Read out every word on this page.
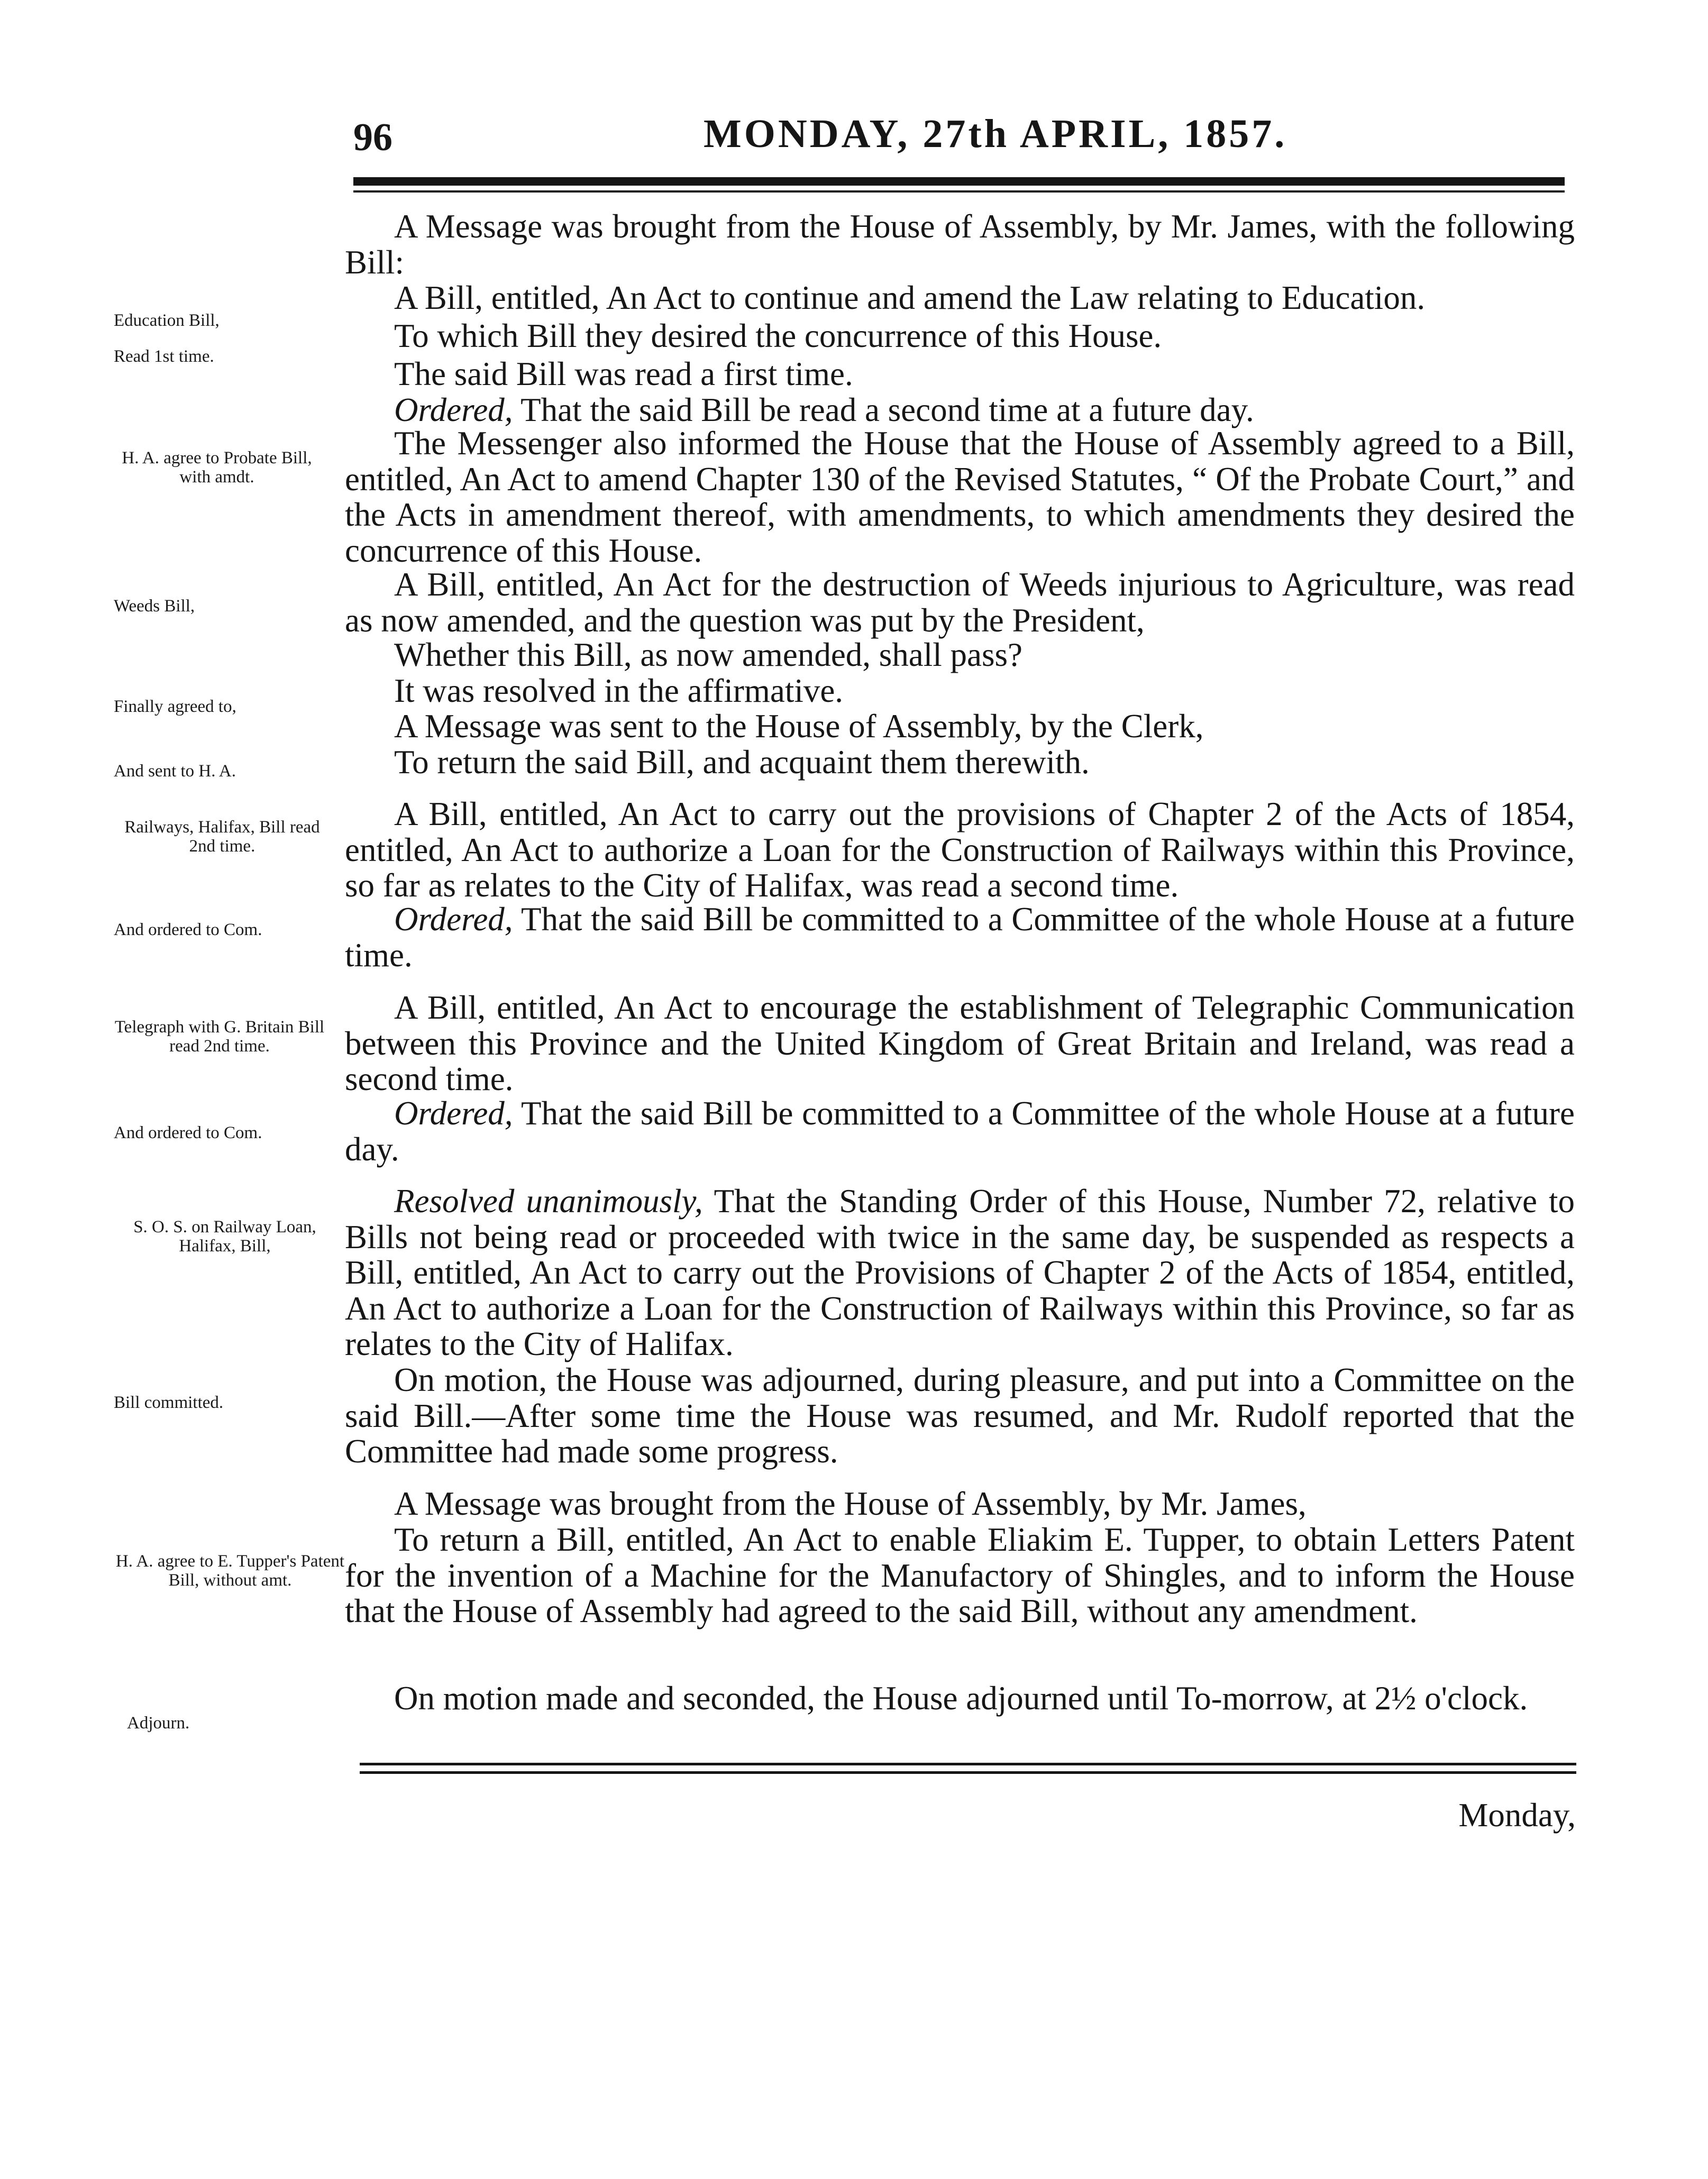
96	MONDAY, 27th APRIL, 1857.
Education Bill,
Read 1st time.
H. A. agree to Probate Bill, with amdt.
Weeds Bill,
Finally agreed to,
And sent to H. A.
Railways, Halifax, Bill read 2nd time.
And ordered to Com.
Telegraph with G. Britain Bill read 2nd time.
And ordered to Com.
S. O. S. on Railway Loan, Halifax, Bill,
Bill committed.
H. A. agree to E. Tupper's Patent Bill, without amt.
Adjourn.

A Message was brought from the House of Assembly, by Mr. James, with the following Bill:

A Bill, entitled, An Act to continue and amend the Law relating to Education.

To which Bill they desired the concurrence of this House.

The said Bill was read a first time.

Ordered, That the said Bill be read a second time at a future day.

The Messenger also informed the House that the House of Assembly agreed to a Bill, entitled, An Act to amend Chapter 130 of the Revised Statutes, “ Of the Probate Court,” and the Acts in amendment thereof, with amendments, to which amendments they desired the concurrence of this House.

A Bill, entitled, An Act for the destruction of Weeds injurious to Agriculture, was read as now amended, and the question was put by the President,

Whether this Bill, as now amended, shall pass?

It was resolved in the affirmative.

A Message was sent to the House of Assembly, by the Clerk,

To return the said Bill, and acquaint them therewith.

A Bill, entitled, An Act to carry out the provisions of Chapter 2 of the Acts of 1854, entitled, An Act to authorize a Loan for the Construction of Railways within this Province, so far as relates to the City of Halifax, was read a second time.

Ordered, That the said Bill be committed to a Committee of the whole House at a future time.

A Bill, entitled, An Act to encourage the establishment of Telegraphic Communication between this Province and the United Kingdom of Great Britain and Ireland, was read a second time.

Ordered, That the said Bill be committed to a Committee of the whole House at a future day.

Resolved unanimously, That the Standing Order of this House, Number 72, relative to Bills not being read or proceeded with twice in the same day, be suspended as respects a Bill, entitled, An Act to carry out the Provisions of Chapter 2 of the Acts of 1854, entitled, An Act to authorize a Loan for the Construction of Railways within this Province, so far as relates to the City of Halifax.

On motion, the House was adjourned, during pleasure, and put into a Committee on the said Bill.—After some time the House was resumed, and Mr. Rudolf reported that the Committee had made some progress.

A Message was brought from the House of Assembly, by Mr. James,

To return a Bill, entitled, An Act to enable Eliakim E. Tupper, to obtain Letters Patent for the invention of a Machine for the Manufactory of Shingles, and to inform the House that the House of Assembly had agreed to the said Bill, without any amendment.

On motion made and seconded, the House adjourned until To-morrow, at 2½ o'clock.

Monday,
